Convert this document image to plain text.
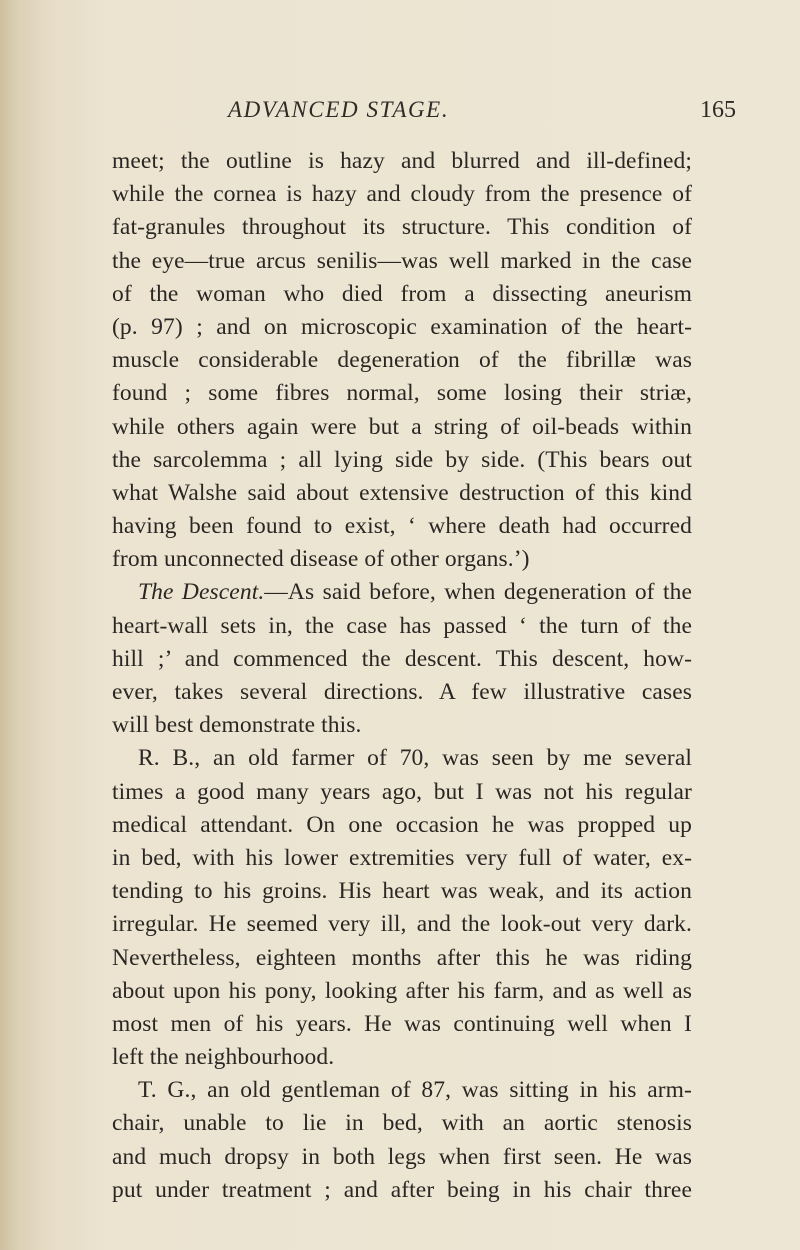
ADVANCED STAGE.	165
meet; the outline is hazy and blurred and ill-defined;
while the cornea is hazy and cloudy from the presence of
fat-granules throughout its structure. This condition of
the eye—true arcus senilis—was well marked in the case
of the woman who died from a dissecting aneurism
(p. 97) ; and on microscopic examination of the heart-
muscle considerable degeneration of the fibrillæ was
found ; some fibres normal, some losing their striæ,
while others again were but a string of oil-beads within
the sarcolemma ; all lying side by side. (This bears out
what Walshe said about extensive destruction of this kind
having been found to exist, ‘ where death had occurred
from unconnected disease of other organs.’)
The Descent.—As said before, when degeneration of the
heart-wall sets in, the case has passed ‘ the turn of the
hill ;’ and commenced the descent. This descent, how-
ever, takes several directions. A few illustrative cases
will best demonstrate this.
R. B., an old farmer of 70, was seen by me several
times a good many years ago, but I was not his regular
medical attendant. On one occasion he was propped up
in bed, with his lower extremities very full of water, ex-
tending to his groins. His heart was weak, and its action
irregular. He seemed very ill, and the look-out very dark.
Nevertheless, eighteen months after this he was riding
about upon his pony, looking after his farm, and as well as
most men of his years. He was continuing well when I
left the neighbourhood.
T. G., an old gentleman of 87, was sitting in his arm-
chair, unable to lie in bed, with an aortic stenosis
and much dropsy in both legs when first seen. He was
put under treatment ; and after being in his chair three
